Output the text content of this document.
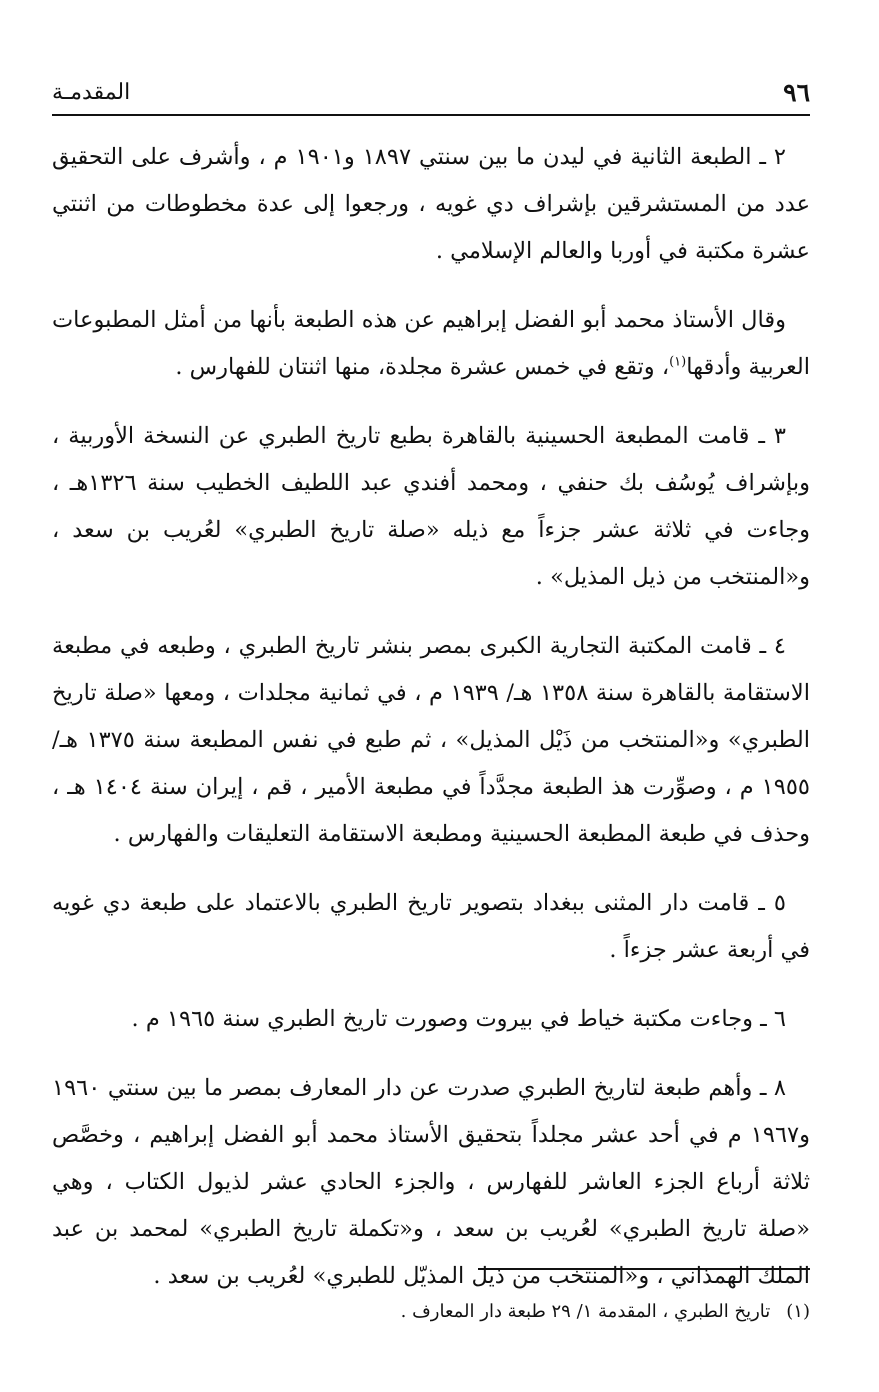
٩٦
المقدمـة

٢ ـ الطبعة الثانية في ليدن ما بين سنتي ١٨٩٧ و١٩٠١ م ، وأشرف على التحقيق عدد من المستشرقين بإشراف دي غويه ، ورجعوا إلى عدة مخطوطات من اثنتي عشرة مكتبة في أوربا والعالم الإسلامي .

وقال الأستاذ محمد أبو الفضل إبراهيم عن هذه الطبعة بأنها من أمثل المطبوعات العربية وأدقها$^{(١)}$، وتقع في خمس عشرة مجلدة، منها اثنتان للفهارس .

٣ ـ قامت المطبعة الحسينية بالقاهرة بطبع تاريخ الطبري عن النسخة الأوربية ، وبإشراف يُوسُف بك حنفي ، ومحمد أفندي عبد اللطيف الخطيب سنة ١٣٢٦هـ ، وجاءت في ثلاثة عشر جزءاً مع ذيله «صلة تاريخ الطبري» لعُريب بن سعد ، و«المنتخب من ذيل المذيل» .

٤ ـ قامت المكتبة التجارية الكبرى بمصر بنشر تاريخ الطبري ، وطبعه في مطبعة الاستقامة بالقاهرة سنة ١٣٥٨ هـ/ ١٩٣٩ م ، في ثمانية مجلدات ، ومعها «صلة تاريخ الطبري» و«المنتخب من ذَيْل المذيل» ، ثم طبع في نفس المطبعة سنة ١٣٧٥ هـ/ ١٩٥٥ م ، وصوِّرت هذ الطبعة مجدَّداً في مطبعة الأمير ، قم ، إيران سنة ١٤٠٤ هـ ، وحذف في طبعة المطبعة الحسينية ومطبعة الاستقامة التعليقات والفهارس .

٥ ـ قامت دار المثنى ببغداد بتصوير تاريخ الطبري بالاعتماد على طبعة دي غويه في أربعة عشر جزءاً .

٦ ـ وجاءت مكتبة خياط في بيروت وصورت تاريخ الطبري سنة ١٩٦٥ م .

٨ ـ وأهم طبعة لتاريخ الطبري صدرت عن دار المعارف بمصر ما بين سنتي ١٩٦٠ و١٩٦٧ م في أحد عشر مجلداً بتحقيق الأستاذ محمد أبو الفضل إبراهيم ، وخصَّص ثلاثة أرباع الجزء العاشر للفهارس ، والجزء الحادي عشر لذيول الكتاب ، وهي «صلة تاريخ الطبري» لعُريب بن سعد ، و«تكملة تاريخ الطبري» لمحمد بن عبد الملك الهمذاني ، و«المنتخب من ذيل المذيّل للطبري» لعُريب بن سعد .

(١)تاريخ الطبري ، المقدمة ١/ ٢٩ طبعة دار المعارف .
